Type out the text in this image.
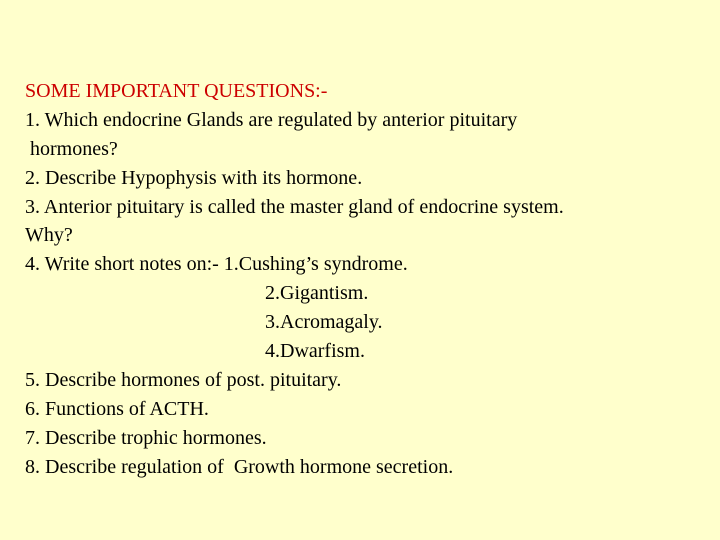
SOME IMPORTANT QUESTIONS:-
1. Which endocrine Glands are regulated by anterior pituitary
hormones?
2. Describe Hypophysis with its hormone.
3. Anterior pituitary is called the master gland of endocrine system.
Why?
4. Write short notes on:- 1.Cushing’s syndrome.
2.Gigantism.
3.Acromagaly.
4.Dwarfism.
5. Describe hormones of post. pituitary.
6. Functions of ACTH.
7. Describe trophic hormones.
8. Describe regulation of  Growth hormone secretion.
